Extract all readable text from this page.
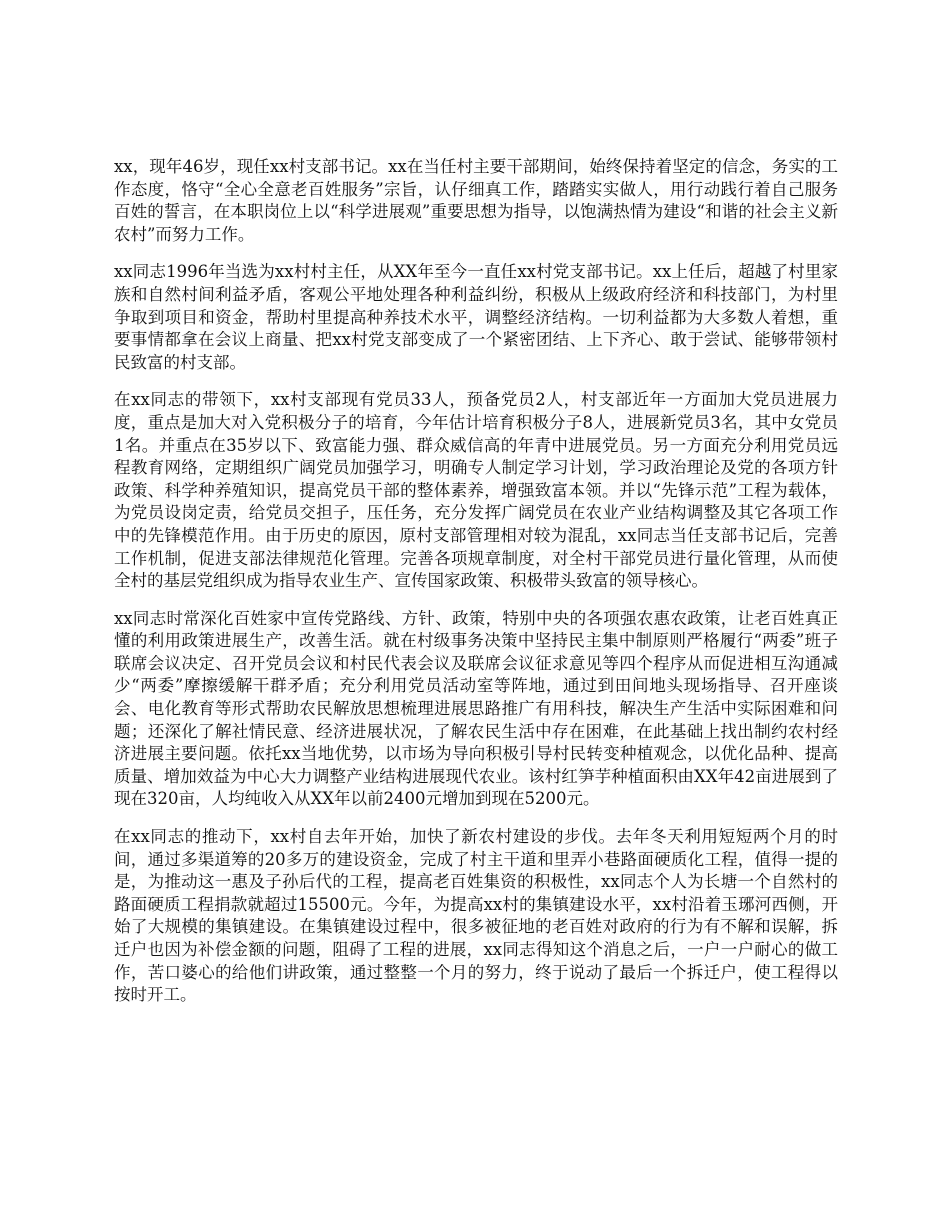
xx，现年46岁，现任xx村支部书记。xx在当任村主要干部期间，始终保持着坚定的信念，务实的工作态度，恪守“全心全意老百姓服务”宗旨，认仔细真工作，踏踏实实做人，用行动践行着自己服务百姓的誓言，在本职岗位上以“科学进展观”重要思想为指导，以饱满热情为建设“和谐的社会主义新农村”而努力工作。

xx同志1996年当选为xx村村主任，从XX年至今一直任xx村党支部书记。xx上任后，超越了村里家族和自然村间利益矛盾，客观公平地处理各种利益纠纷，积极从上级政府经济和科技部门，为村里争取到项目和资金，帮助村里提高种养技术水平，调整经济结构。一切利益都为大多数人着想，重要事情都拿在会议上商量、把xx村党支部变成了一个紧密团结、上下齐心、敢于尝试、能够带领村民致富的村支部。

在xx同志的带领下，xx村支部现有党员33人，预备党员2人，村支部近年一方面加大党员进展力度，重点是加大对入党积极分子的培育，今年估计培育积极分子8人，进展新党员3名，其中女党员1名。并重点在35岁以下、致富能力强、群众威信高的年青中进展党员。另一方面充分利用党员远程教育网络，定期组织广阔党员加强学习，明确专人制定学习计划，学习政治理论及党的各项方针政策、科学种养殖知识，提高党员干部的整体素养，增强致富本领。并以“先锋示范”工程为载体，为党员设岗定责，给党员交担子，压任务，充分发挥广阔党员在农业产业结构调整及其它各项工作中的先锋模范作用。由于历史的原因，原村支部管理相对较为混乱，xx同志当任支部书记后，完善工作机制，促进支部法律规范化管理。完善各项规章制度，对全村干部党员进行量化管理，从而使全村的基层党组织成为指导农业生产、宣传国家政策、积极带头致富的领导核心。

xx同志时常深化百姓家中宣传党路线、方针、政策，特别中央的各项强农惠农政策，让老百姓真正懂的利用政策进展生产，改善生活。就在村级事务决策中坚持民主集中制原则严格履行“两委”班子联席会议决定、召开党员会议和村民代表会议及联席会议征求意见等四个程序从而促进相互沟通减少“两委”摩擦缓解干群矛盾；充分利用党员活动室等阵地，通过到田间地头现场指导、召开座谈会、电化教育等形式帮助农民解放思想梳理进展思路推广有用科技，解决生产生活中实际困难和问题；还深化了解社情民意、经济进展状况，了解农民生活中存在困难，在此基础上找出制约农村经济进展主要问题。依托xx当地优势，以市场为导向积极引导村民转变种植观念，以优化品种、提高质量、增加效益为中心大力调整产业结构进展现代农业。该村红笋芋种植面积由XX年42亩进展到了现在320亩，人均纯收入从XX年以前2400元增加到现在5200元。

在xx同志的推动下，xx村自去年开始，加快了新农村建设的步伐。去年冬天利用短短两个月的时间，通过多渠道筹的20多万的建设资金，完成了村主干道和里弄小巷路面硬质化工程，值得一提的是，为推动这一惠及子孙后代的工程，提高老百姓集资的积极性，xx同志个人为长塘一个自然村的路面硬质工程捐款就超过15500元。今年，为提高xx村的集镇建设水平，xx村沿着玉琊河西侧，开始了大规模的集镇建设。在集镇建设过程中，很多被征地的老百姓对政府的行为有不解和误解，拆迁户也因为补偿金额的问题，阻碍了工程的进展，xx同志得知这个消息之后，一户一户耐心的做工作，苦口婆心的给他们讲政策，通过整整一个月的努力，终于说动了最后一个拆迁户，使工程得以按时开工。
